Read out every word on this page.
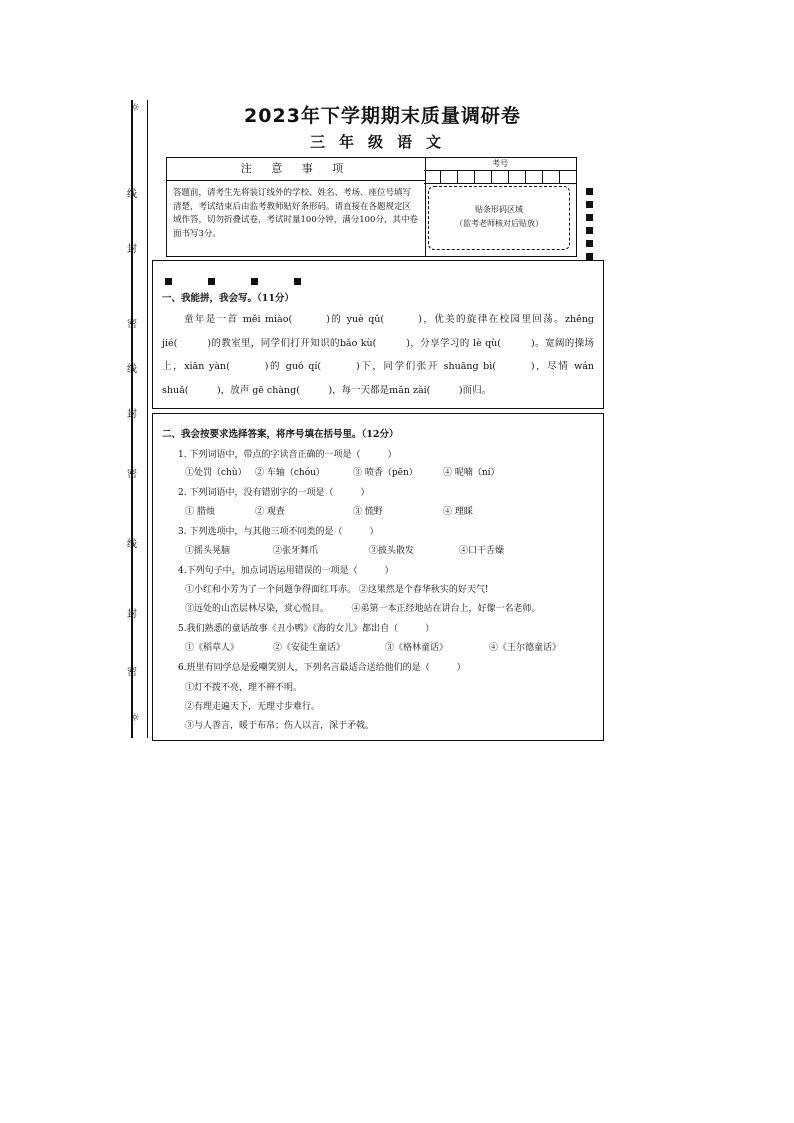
☼
☼
线
封
密
线
封
密
线
封
密
2023年下学期期末质量调研卷
三年级语文
注 意 事 项
答题前，请考生先将装订线外的学校、姓名、考场、座位号填写清楚，考试结束后由监考教师贴好条形码。请直接在各题规定区域作答，切勿折叠试卷，考试时量100分钟，满分100分，其中卷面书写3分。
考号
贴条形码区域
（监考老师核对后贴放）
一、我能拼，我会写。（11分）

童年是一首 měi miào(　　　)的 yuè qǔ(　　　)，优美的旋律在校园里回荡。zhěng jié(　　　)的教室里，同学们打开知识的bǎo kù(　　　)，分享学习的 lè qù(　　　)。宽阔的操场上，xiān yàn(　　　)的 guó qí(　　　)下，同学们张开 shuāng bì(　　　)，尽情 wán shuǎ(　　　)，放声 gē chàng(　　　)，每一天都是mǎn zài(　　　)而归。

二、我会按要求选择答案，将序号填在括号里。（12分）
1. 下列词语中，带点的字读音正确的一项是（　　　）
①处罚（chù） ② 车轴（chóu）	③ 喷香（pēn）	④ 呢喃（ní）
2. 下列词语中，没有错别字的一项是（　　　）
① 腊烛	② 观查	③ 慌野	④ 理睬
3. 下列选项中，与其他三项不同类的是（　　　）
①摇头晃脑	②张牙舞爪	③披头散发	④口干舌燥
4.下列句子中，加点词语运用错误的一项是（　　　）
①小红和小芳为了一个问题争得面红耳赤。 ②这果然是个春华秋实的好天气!
③远处的山峦层林尽染，赏心悦目。　　　④弟第一本正经地站在讲台上，好像一名老师。
5.我们熟悉的童话故事《丑小鸭》《海的女儿》都出自（　　　）
①《稻草人》	②《安徒生童话》	③《格林童话》	④《王尔德童话》
6.班里有同学总是爱嘲笑别人，下列名言最适合送给他们的是（　　　）
①灯不拨不亮，理不辨不明。
②有理走遍天下，无理寸步难行。
③与人善言，暖于布帛；伤人以言，深于矛戟。
